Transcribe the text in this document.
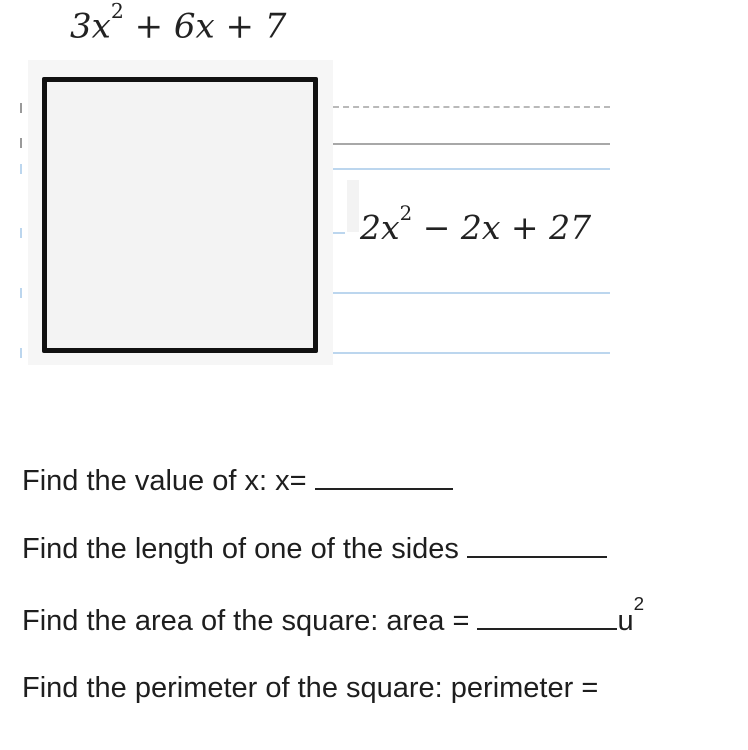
$3x^2 + 6x + 7$
$2x^2 - 2x + 27$
Find the value of x: x=
Find the length of one of the sides
Find the area of the square: area =	$u^2$
Find the perimeter of the square: perimeter =
